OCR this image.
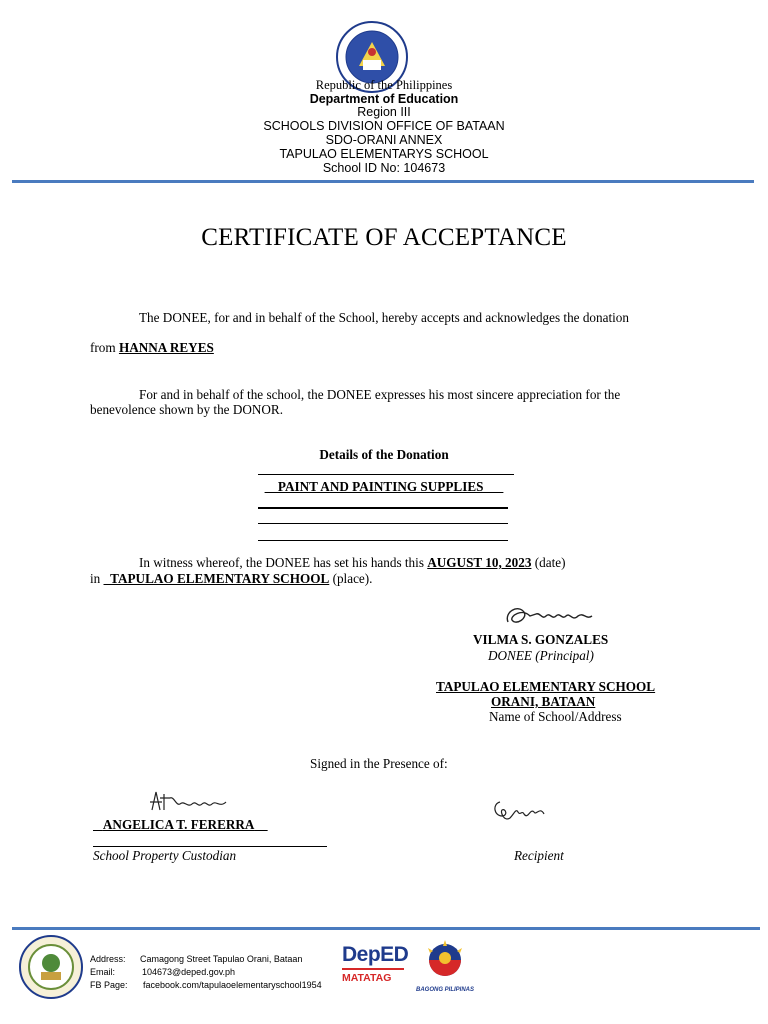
Republic of the Philippines
Department of Education
Region III
SCHOOLS DIVISION OFFICE OF BATAAN
SDO-ORANI ANNEX
TAPULAO ELEMENTARYS SCHOOL
School ID No: 104673
CERTIFICATE OF ACCEPTANCE
The DONEE, for and in behalf of the School, hereby accepts and acknowledges the donation
from HANNA REYES
For and in behalf of the school, the DONEE expresses his most sincere appreciation for the
benevolence shown by the DONOR.
Details of the Donation
__PAINT AND PAINTING SUPPLIES___
In witness whereof, the DONEE has set his hands this AUGUST 10, 2023 (date)
in _TAPULAO ELEMENTARY SCHOOL (place).
VILMA S. GONZALES
DONEE (Principal)
TAPULAO ELEMENTARY SCHOOL
ORANI, BATAAN
Name of School/Address
Signed in the Presence of:
ANGELICA T. FERERRA
School Property Custodian	Recipient
Address: Camagong Street Tapulao Orani, Bataan
Email:	104673@deped.gov.ph
FB Page: facebook.com/tapulaoelementaryschool1954
DepED
MATATAG
BAGONG PILIPINAS
